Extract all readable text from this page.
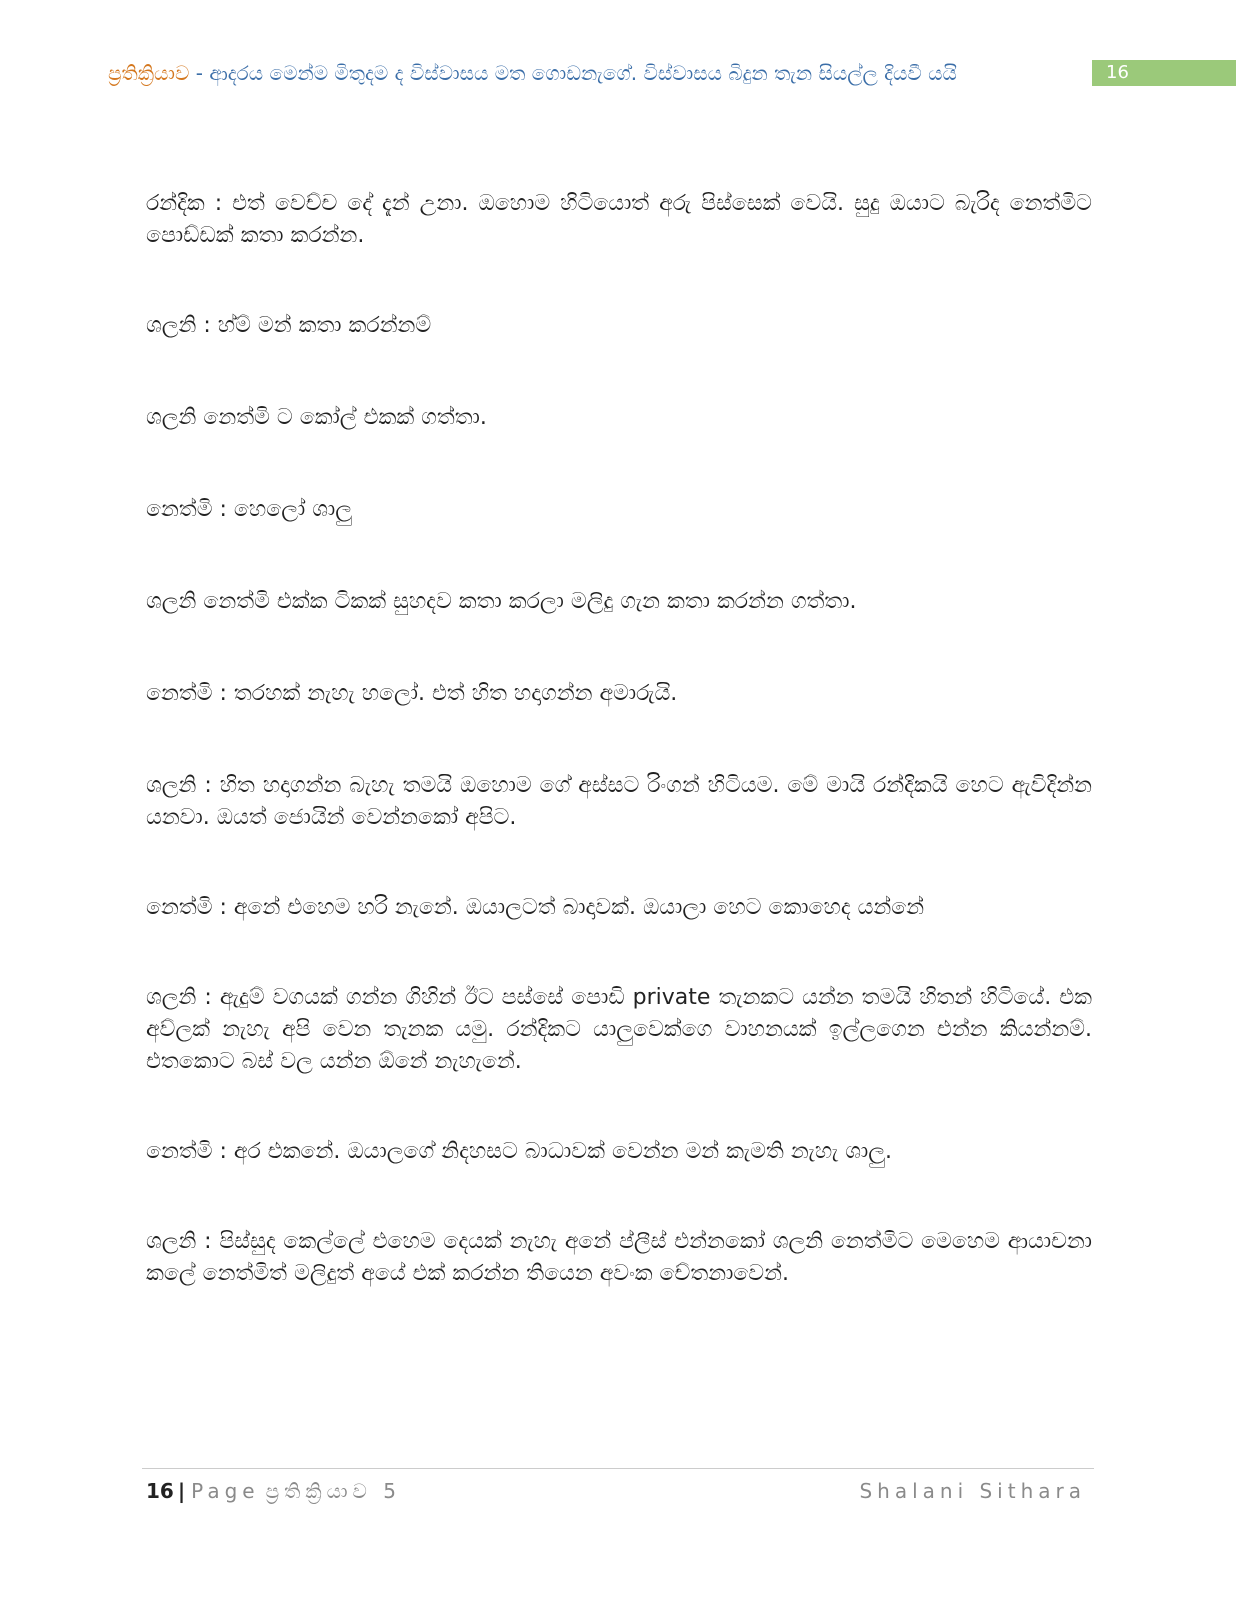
ප්‍රතික්‍රියාව - ආදරය මෙන්ම මිතුදම ද විස්වාසය මත ගොඩනැගේ. විස්වාසය බිදුන තැන සියල්ල දියවී යයි	16

රන්දික : එත් වෙච්ච දේ දැන් උනා. ඔහොම හිටියොත් අරු පිස්සෙක් වෙයි. සුදු ඔයාට බැරිද නෙත්මිට පොඩ්ඩක් කතා කරන්න.

ශලනි : හ්ම් මන් කතා කරන්නම්

ශලනි නෙත්මි ට කෝල් එකක් ගත්තා.

නෙත්මි : හෙලෝ ශාලු

ශලනි නෙත්මි එක්ක ටිකක් සුහදව කතා කරලා මලිදු ගැන කතා කරන්න ගත්තා.

නෙත්මි : තරහක් නැහැ හලෝ. එත් හිත හදාගන්න අමාරුයි.

ශලනි : හිත හදාගන්න බැහැ තමයි ඔහොම ගේ අස්සට රිංගන් හිටියම. මේ මායි රන්දිකයි හෙට ඇවිදින්න යනවා. ඔයත් ජොයින් වෙන්නකෝ අපිට.

නෙත්මි : අනේ එහෙම හරි නැනේ. ඔයාලටත් බාදාවක්. ඔයාලා හෙට කොහෙද යන්නේ

ශලනි : ඇදුම් වගයක් ගන්න ගිහින් ඊට පස්සේ පොඩි private තැනකට යන්න තමයි හිතන් හිටියේ. එක අව්ලක් නැහැ අපි වෙන තැනක යමු. රන්දිකට යාලුවෙක්ගෙ වාහනයක් ඉල්ලගෙන එන්න කියන්නම්. එතකොට බස් වල යන්න ඕනේ නැහැනේ.

නෙත්මි : අර එකනේ. ඔයාලගේ නිදහසට බාධාවක් වෙන්න මන් කැමති නැහැ ශාලු.

ශලනි : පිස්සුද කෙල්ලේ එහෙම දෙයක් නැහැ අනේ ප්ලීස් එන්නකෝ ශලනි නෙත්මිට මෙහෙම ආයාචනා කලේ නෙත්මිත් මලිදුත් අයේ එක් කරන්න තියෙන අවංක චේතනාවෙන්.

16 | Page ප්‍රතික්‍රියාව 5	Shalani Sithara
